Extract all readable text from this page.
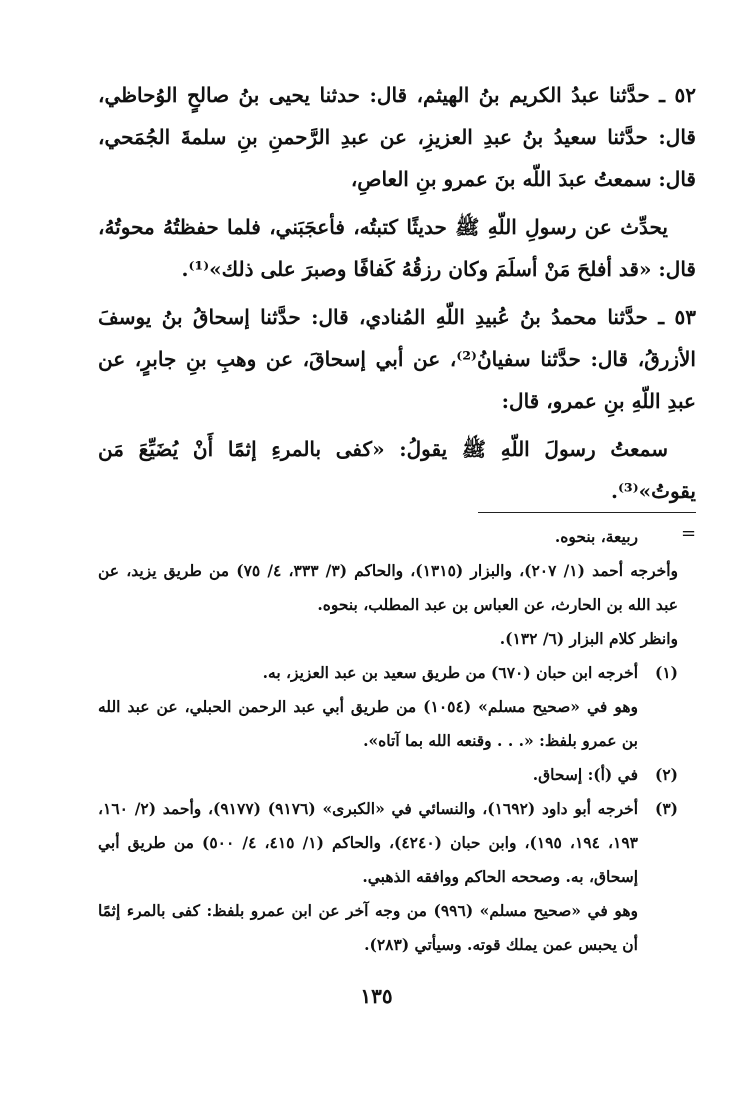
٥٢ ـ حدَّثنا عبدُ الكريم بنُ الهيثم، قال: حدثنا يحيى بنُ صالحٍ الوُحاظي، قال: حدَّثنا سعيدُ بنُ عبدِ العزيزِ، عن عبدِ الرَّحمنِ بنِ سلمةَ الجُمَحي، قال: سمعتُ عبدَ اللّه بنَ عمرو بنِ العاصِ،

يحدِّث عن رسولِ اللّهِ ﷺ حديثًا كتبتُه، فأعجَبَني، فلما حفظتُهُ محوتُهُ، قال: «قد أفلحَ مَنْ أسلَمَ وكان رزقُهُ كَفافًا وصبرَ على ذلك»⁽¹⁾.

٥٣ ـ حدَّثنا محمدُ بنُ عُبيدِ اللّهِ المُنادي، قال: حدَّثنا إسحاقُ بنُ يوسفَ الأزرقُ، قال: حدَّثنا سفيانُ⁽²⁾، عن أبي إسحاقَ، عن وهبِ بنِ جابرٍ، عن عبدِ اللّهِ بنِ عمرو، قال:

سمعتُ رسولَ اللّهِ ﷺ يقولُ: «كفى بالمرءِ إثمًا أَنْ يُضَيِّعَ مَن يقوتُ»⁽³⁾.

=

ربيعة، بنحوه.

وأخرجه أحمد (١/ ٢٠٧)، والبزار (١٣١٥)، والحاكم (٣/ ٣٣٣، ٤/ ٧٥) من طريق يزيد، عن عبد الله بن الحارث، عن العباس بن عبد المطلب، بنحوه.

وانظر كلام البزار (٦/ ١٣٢).

(١)

أخرجه ابن حبان (٦٧٠) من طريق سعيد بن عبد العزيز، به.

وهو في «صحيح مسلم» (١٠٥٤) من طريق أبي عبد الرحمن الحبلي، عن عبد الله بن عمرو بلفظ: «. . . وقنعه الله بما آتاه».

(٢)

في (أ): إسحاق.

(٣)

أخرجه أبو داود (١٦٩٢)، والنسائي في «الكبرى» (٩١٧٦) (٩١٧٧)، وأحمد (٢/ ١٦٠، ١٩٣، ١٩٤، ١٩٥)، وابن حبان (٤٢٤٠)، والحاكم (١/ ٤١٥، ٤/ ٥٠٠) من طريق أبي إسحاق، به. وصححه الحاكم ووافقه الذهبي.

وهو في «صحيح مسلم» (٩٩٦) من وجه آخر عن ابن عمرو بلفظ: كفى بالمرء إثمًا أن يحبس عمن يملك قوته. وسيأتي (٢٨٣).

١٣٥
